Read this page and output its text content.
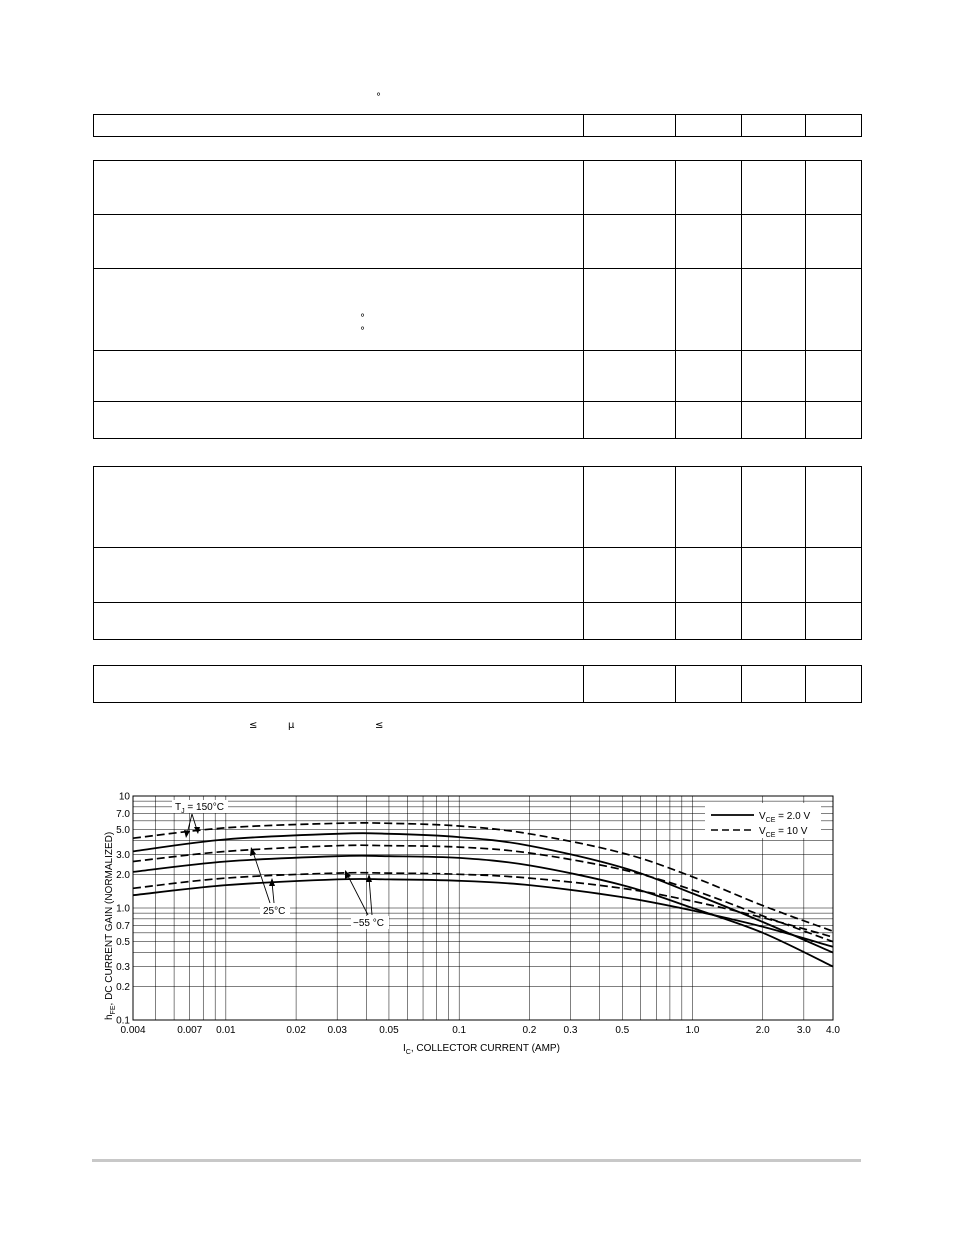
°

°
°

≤	μ	≤
0.004	0.007 0.01	0.02 0.03	0.05	0.1	0.2	0.3	0.5	1.0	2.0	3.0 4.0
10
7.0
5.0
3.0
2.0
1.0
0.7
0.5
0.3
0.2
0.1
$V_{CE} = 2.0$ V
$V_{CE} = 10$ V
$T_J = 150^\circ C$
25°C
−55 °C
$I_C$, COLLECTOR CURRENT (AMP)
$h_{FE}$, DC CURRENT GAIN (NORMALIZED)
